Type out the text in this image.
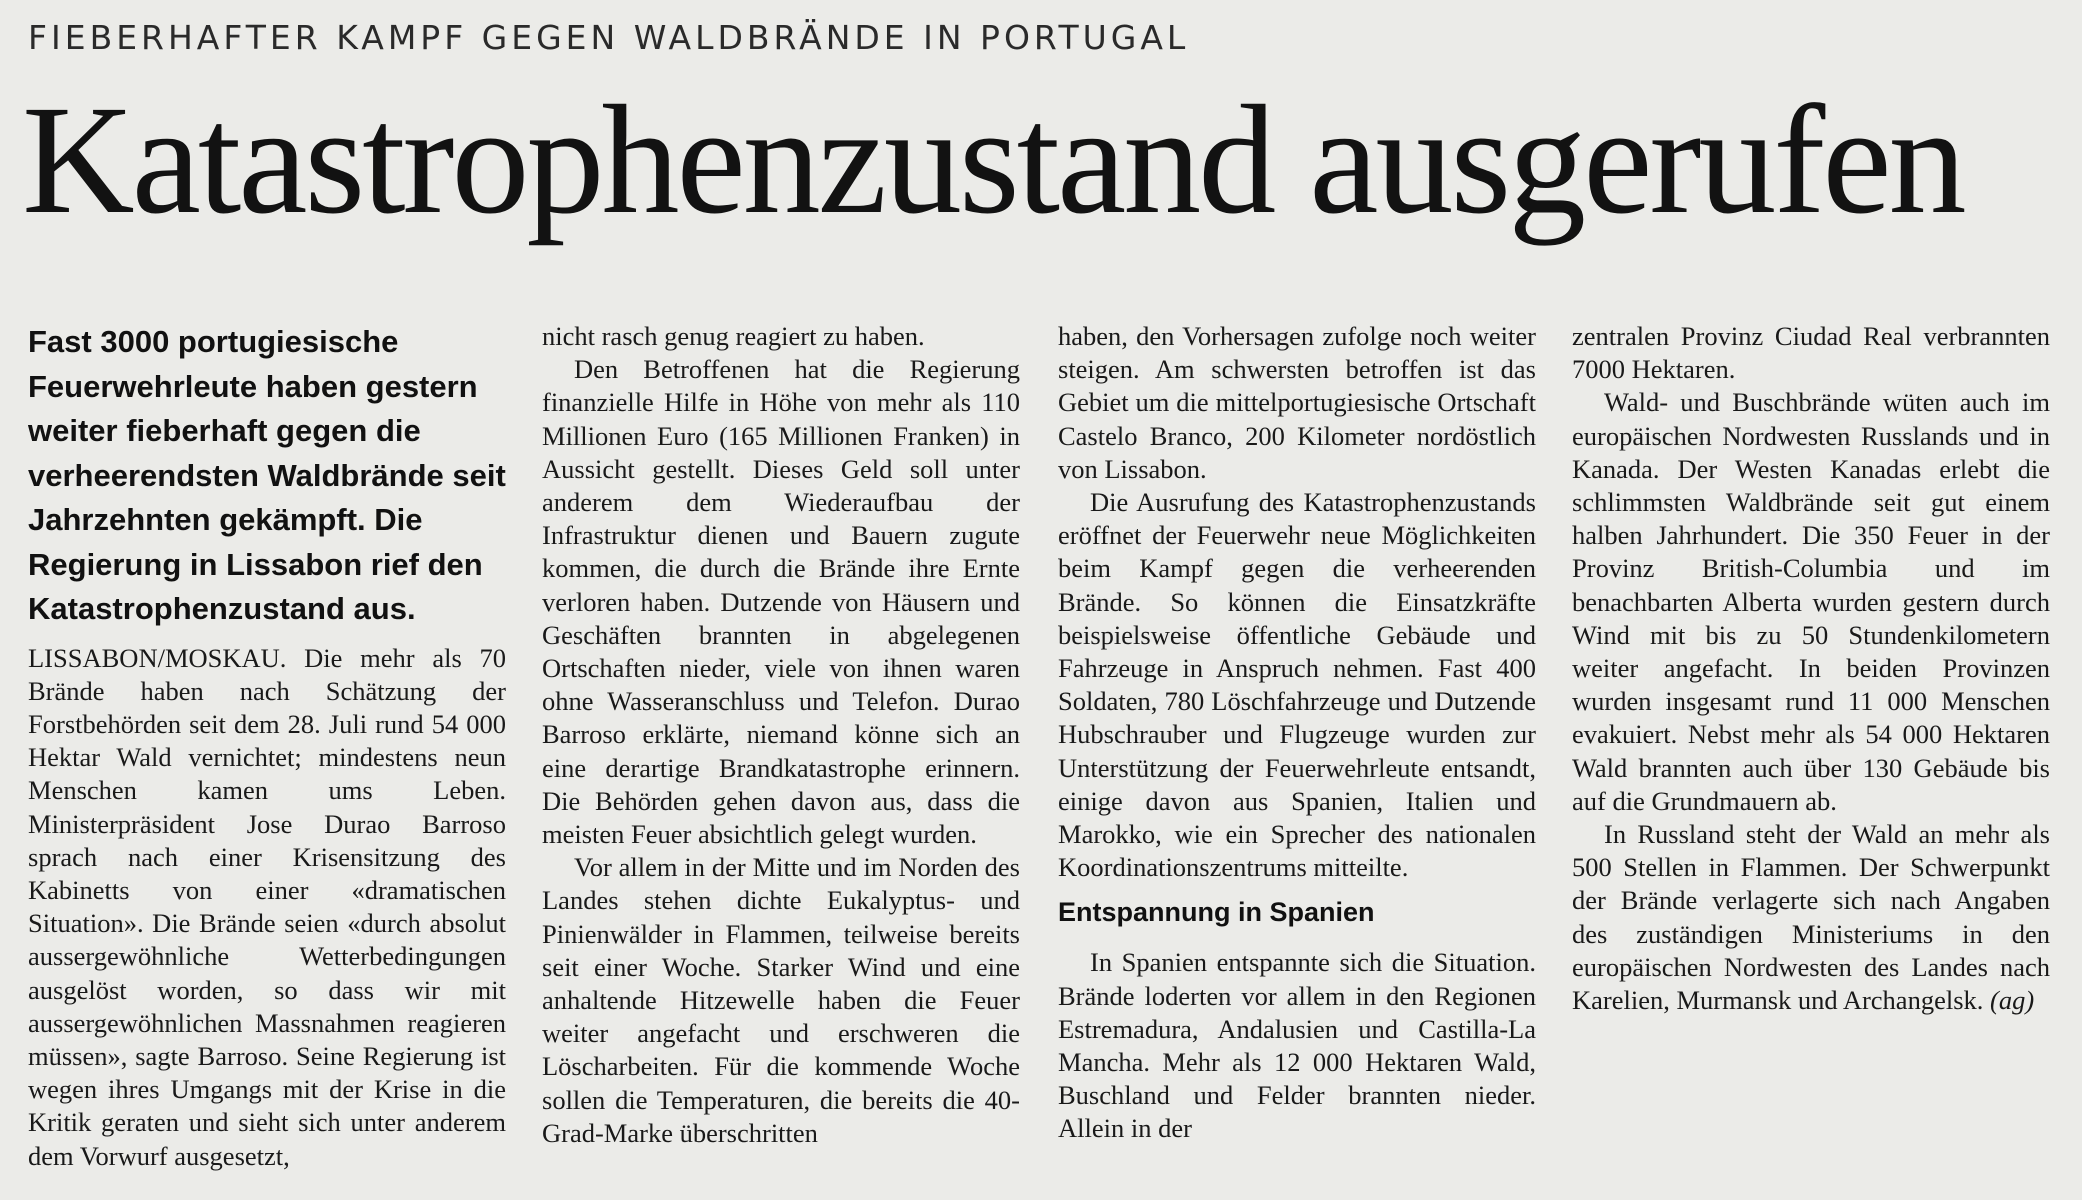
FIEBERHAFTER KAMPF GEGEN WALDBRÄNDE IN PORTUGAL
Katastrophenzustand ausgerufen

Fast 3000 portugiesische Feuerwehrleute haben gestern weiter fieberhaft gegen die verheerendsten Waldbrände seit Jahrzehnten gekämpft. Die Regierung in Lissabon rief den Katastrophenzustand aus.

LISSABON/MOSKAU. Die mehr als 70 Brände haben nach Schätzung der Forstbehörden seit dem 28. Juli rund 54 000 Hektar Wald vernichtet; mindestens neun Menschen kamen ums Leben. Ministerpräsident Jose Durao Barroso sprach nach einer Krisensitzung des Kabinetts von einer «dramatischen Situation». Die Brände seien «durch absolut aussergewöhnliche Wetterbedingungen ausgelöst worden, so dass wir mit aussergewöhnlichen Massnahmen reagieren müssen», sagte Barroso. Seine Regierung ist wegen ihres Umgangs mit der Krise in die Kritik geraten und sieht sich unter anderem dem Vorwurf ausgesetzt,

nicht rasch genug reagiert zu haben.

Den Betroffenen hat die Regierung finanzielle Hilfe in Höhe von mehr als 110 Millionen Euro (165 Millionen Franken) in Aussicht gestellt. Dieses Geld soll unter anderem dem Wiederaufbau der Infrastruktur dienen und Bauern zugute kommen, die durch die Brände ihre Ernte verloren haben. Dutzende von Häusern und Geschäften brannten in abgelegenen Ortschaften nieder, viele von ihnen waren ohne Wasseranschluss und Telefon. Durao Barroso erklärte, niemand könne sich an eine derartige Brandkatastrophe erinnern. Die Behörden gehen davon aus, dass die meisten Feuer absichtlich gelegt wurden.

Vor allem in der Mitte und im Norden des Landes stehen dichte Eukalyptus- und Pinienwälder in Flammen, teilweise bereits seit einer Woche. Starker Wind und eine anhaltende Hitzewelle haben die Feuer weiter angefacht und erschweren die Löscharbeiten. Für die kommende Woche sollen die Temperaturen, die bereits die 40-Grad-Marke überschritten

haben, den Vorhersagen zufolge noch weiter steigen. Am schwersten betroffen ist das Gebiet um die mittelportugiesische Ortschaft Castelo Branco, 200 Kilometer nordöstlich von Lissabon.

Die Ausrufung des Katastrophenzustands eröffnet der Feuerwehr neue Möglichkeiten beim Kampf gegen die verheerenden Brände. So können die Einsatzkräfte beispielsweise öffentliche Gebäude und Fahrzeuge in Anspruch nehmen. Fast 400 Soldaten, 780 Löschfahrzeuge und Dutzende Hubschrauber und Flugzeuge wurden zur Unterstützung der Feuerwehrleute entsandt, einige davon aus Spanien, Italien und Marokko, wie ein Sprecher des nationalen Koordinationszentrums mitteilte.

Entspannung in Spanien

In Spanien entspannte sich die Situation. Brände loderten vor allem in den Regionen Estremadura, Andalusien und Castilla-La Mancha. Mehr als 12 000 Hektaren Wald, Buschland und Felder brannten nieder. Allein in der

zentralen Provinz Ciudad Real verbrannten 7000 Hektaren.

Wald- und Buschbrände wüten auch im europäischen Nordwesten Russlands und in Kanada. Der Westen Kanadas erlebt die schlimmsten Waldbrände seit gut einem halben Jahrhundert. Die 350 Feuer in der Provinz British-Columbia und im benachbarten Alberta wurden gestern durch Wind mit bis zu 50 Stundenkilometern weiter angefacht. In beiden Provinzen wurden insgesamt rund 11 000 Menschen evakuiert. Nebst mehr als 54 000 Hektaren Wald brannten auch über 130 Gebäude bis auf die Grundmauern ab.

In Russland steht der Wald an mehr als 500 Stellen in Flammen. Der Schwerpunkt der Brände verlagerte sich nach Angaben des zuständigen Ministeriums in den europäischen Nordwesten des Landes nach Karelien, Murmansk und Archangelsk. (ag)
